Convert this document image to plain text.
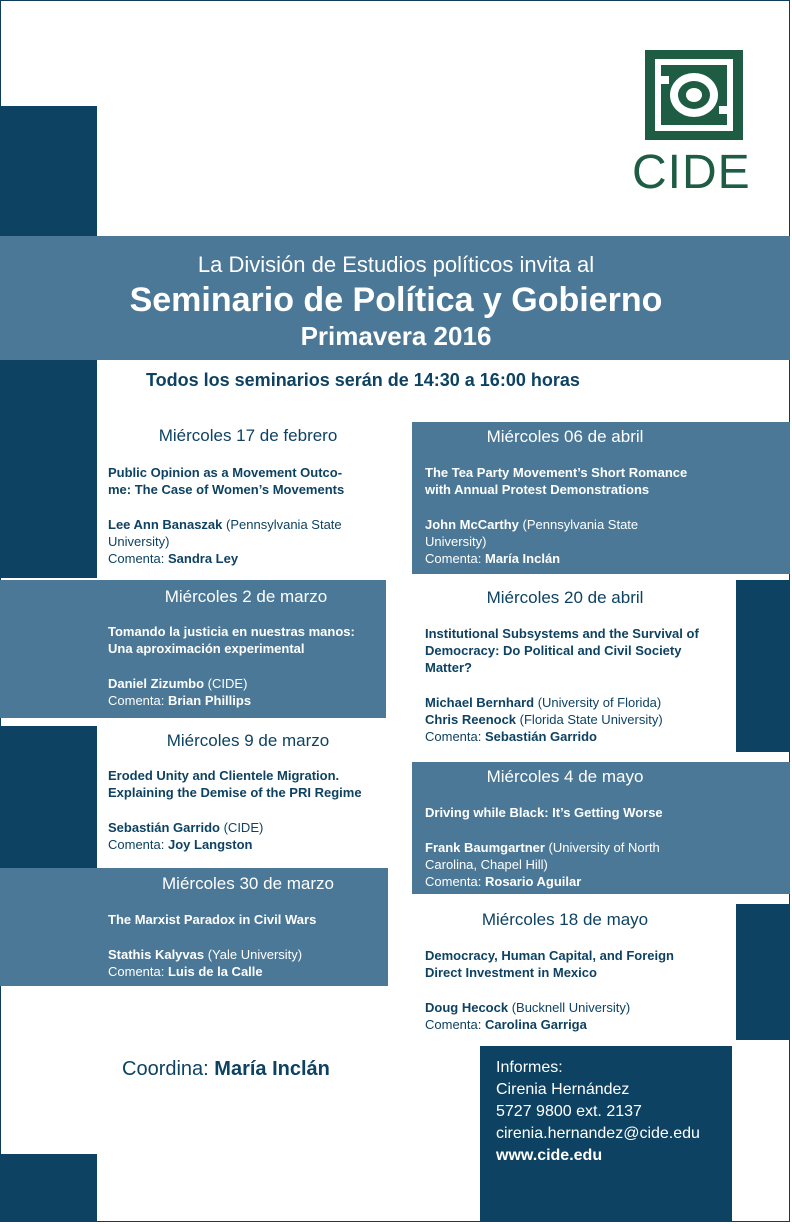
CIDE
La División de Estudios políticos invita al
Seminario de Política y Gobierno
Primavera 2016
Todos los seminarios serán de 14:30 a 16:00 horas
Miércoles 17 de febrero
Public Opinion as a Movement Outco-
me: The Case of Women’s Movements
Lee Ann Banaszak (Pennsylvania State
University)
Comenta: Sandra Ley
Miércoles 2 de marzo
Tomando la justicia en nuestras manos:
Una aproximación experimental
Daniel Zizumbo (CIDE)
Comenta: Brian Phillips
Miércoles 9 de marzo
Eroded Unity and Clientele Migration.
Explaining the Demise of the PRI Regime
Sebastián Garrido (CIDE)
Comenta: Joy Langston
Miércoles 30 de marzo
The Marxist Paradox in Civil Wars
Stathis Kalyvas (Yale University)
Comenta: Luis de la Calle
Miércoles 06 de abril
The Tea Party Movement’s Short Romance
with Annual Protest Demonstrations
John McCarthy (Pennsylvania State
University)
Comenta: María Inclán
Miércoles 20 de abril
Institutional Subsystems and the Survival of
Democracy: Do Political and Civil Society
Matter?
Michael Bernhard (University of Florida)
Chris Reenock (Florida State University)
Comenta: Sebastián Garrido
Miércoles 4 de mayo
Driving while Black: It’s Getting Worse
Frank Baumgartner (University of North
Carolina, Chapel Hill)
Comenta: Rosario Aguilar
Miércoles 18 de mayo
Democracy, Human Capital, and Foreign
Direct Investment in Mexico
Doug Hecock (Bucknell University)
Comenta: Carolina Garriga
Coordina: María Inclán	Informes:
Cirenia Hernández
5727 9800 ext. 2137
cirenia.hernandez@cide.edu
www.cide.edu
